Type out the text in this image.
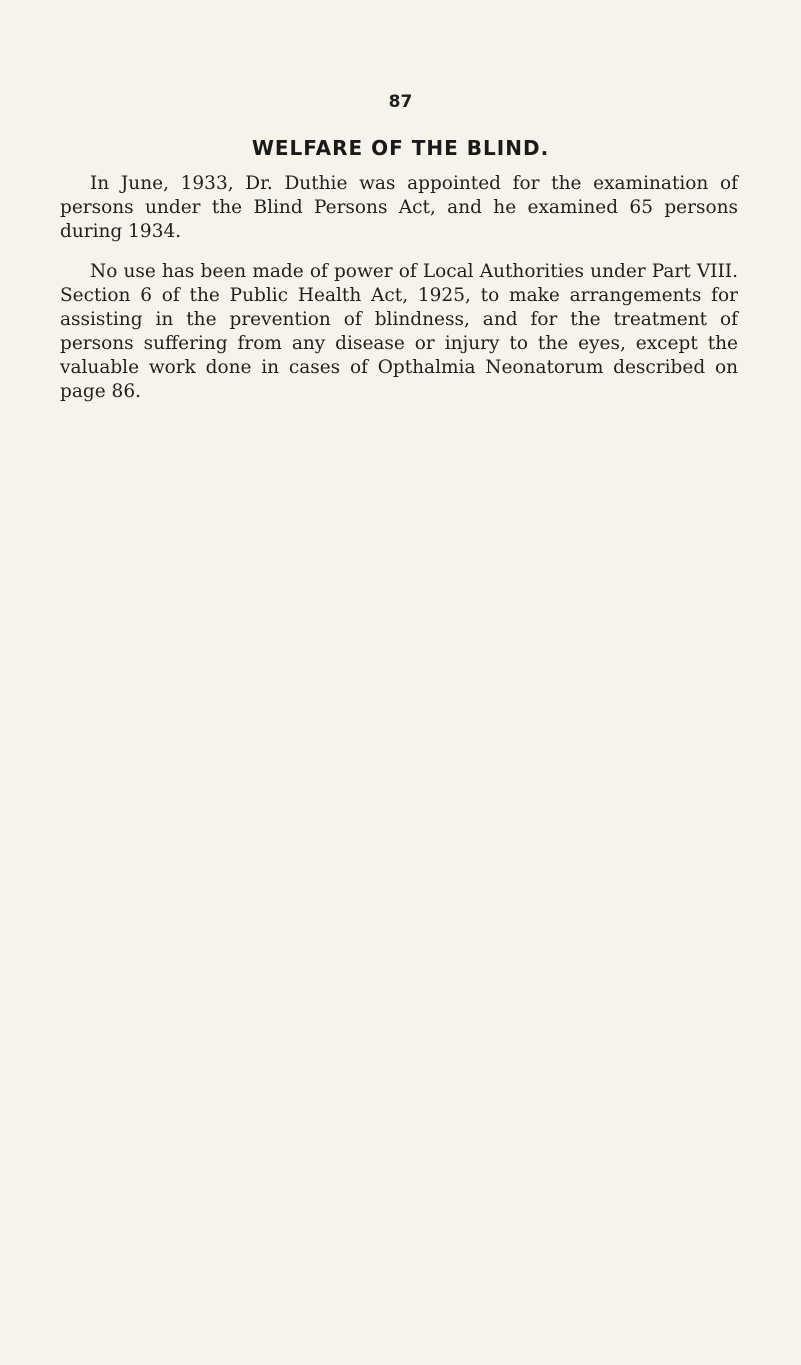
87
WELFARE OF THE BLIND.

In June, 1933, Dr. Duthie was appointed for the examination of persons under the Blind Persons Act, and he examined 65 persons during 1934.

No use has been made of power of Local Authorities under Part VIII. Section 6 of the Public Health Act, 1925, to make arrangements for assisting in the prevention of blindness, and for the treatment of persons suffering from any disease or injury to the eyes, except the valuable work done in cases of Opthalmia Neonatorum described on page 86.
